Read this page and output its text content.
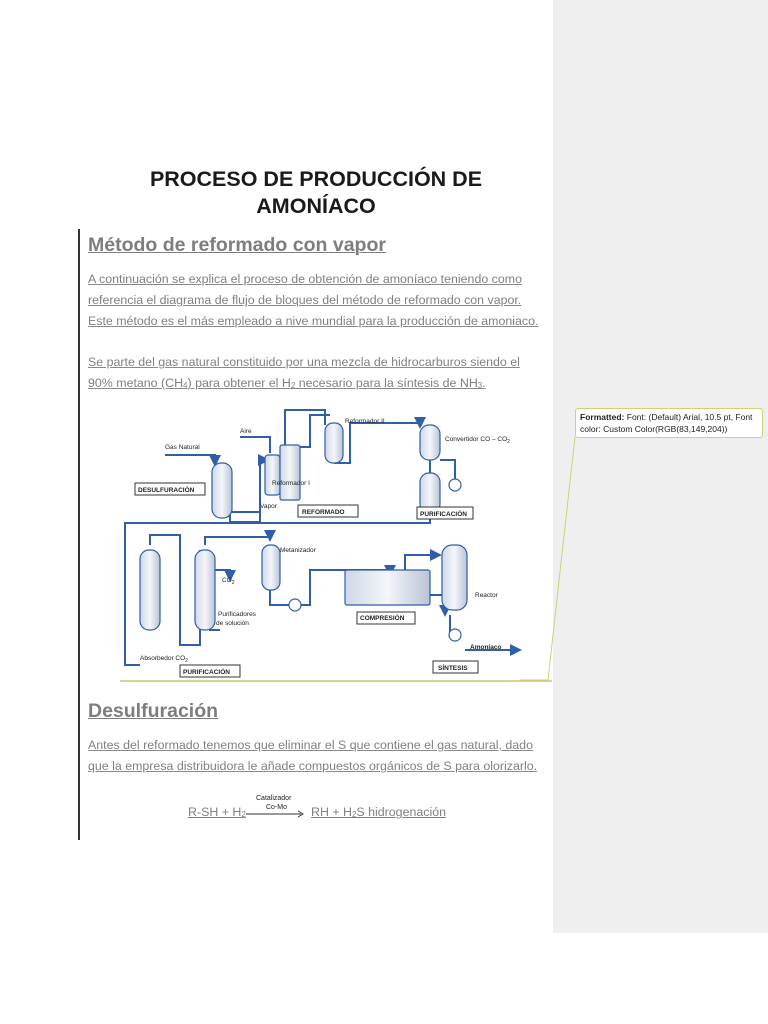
PROCESO DE PRODUCCIÓN DE
AMONÍACO
Método de reformado con vapor
A continuación se explica el proceso de obtención de amoníaco teniendo como
referencia el diagrama de flujo de bloques del método de reformado con vapor.
Este método es el más empleado a nive mundial para la producción de amoniaco.
Se parte del gas natural constituido por una mezcla de hidrocarburos siendo el
90% metano $(CH_4)$ para obtener el $H_2$ necesario para la síntesis de $NH_3$.
Gas Natural
Aire
Reformador II
Reformador I
Convertidor CO – $CO_2$
Vapor
DESULFURACIÓN
REFORMADO	PURIFICACIÓN
Metanizador
$CO_2$
Purificadores
de solución
COMPRESIÓN
Reactor
Amoniaco
Absorbedor $CO_2$
PURIFICACIÓN
SÍNTESIS
Desulfuración
Antes del reformado tenemos que eliminar el S que contiene el gas natural, dado
que la empresa distribuidora le añade compuestos orgánicos de S para olorizarlo.
$R-SH + H_2$
Catalizador
Co-Mo → RH + $H_2S$ hidrogenación
Formatted: Font: (Default) Arial, 10.5 pt, Font color: Custom Color(RGB(83,149,204))
